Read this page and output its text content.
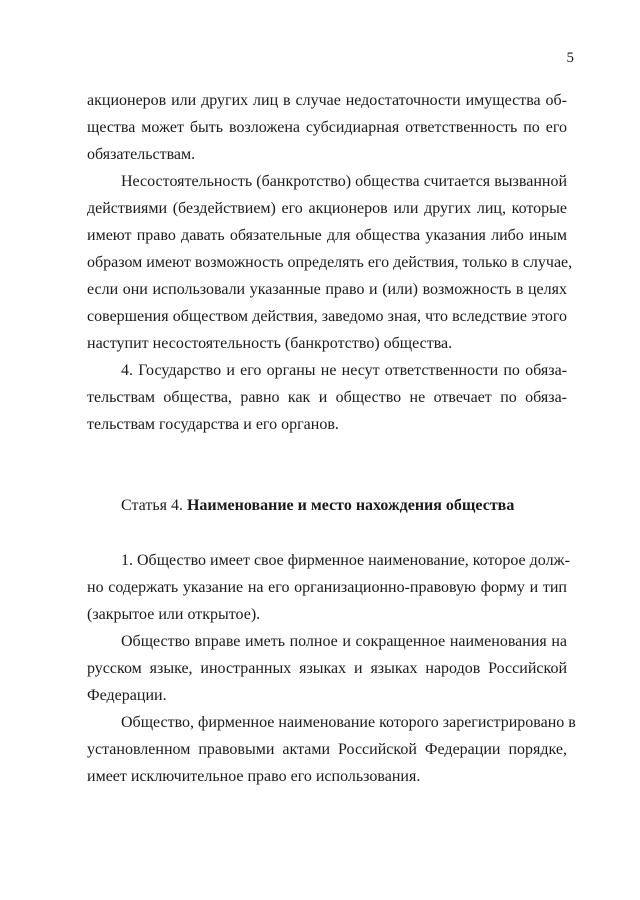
5
акционеров или других лиц в случае недостаточности имущества об-
щества может быть возложена субсидиарная ответственность по его
обязательствам.
Несостоятельность (банкротство) общества считается вызванной
действиями (бездействием) его акционеров или других лиц, которые
имеют право давать обязательные для общества указания либо иным
образом имеют возможность определять его действия, только в случае,
если они использовали указанные право и (или) возможность в целях
совершения обществом действия, заведомо зная, что вследствие этого
наступит несостоятельность (банкротство) общества.
4. Государство и его органы не несут ответственности по обяза-
тельствам общества, равно как и общество не отвечает по обяза-
тельствам государства и его органов.
Статья 4. Наименование и место нахождения общества
1. Общество имеет свое фирменное наименование, которое долж-
но содержать указание на его организационно-правовую форму и тип
(закрытое или открытое).
Общество вправе иметь полное и сокращенное наименования на
русском языке, иностранных языках и языках народов Российской
Федерации.
Общество, фирменное наименование которого зарегистрировано в
установленном правовыми актами Российской Федерации порядке,
имеет исключительное право его использования.
